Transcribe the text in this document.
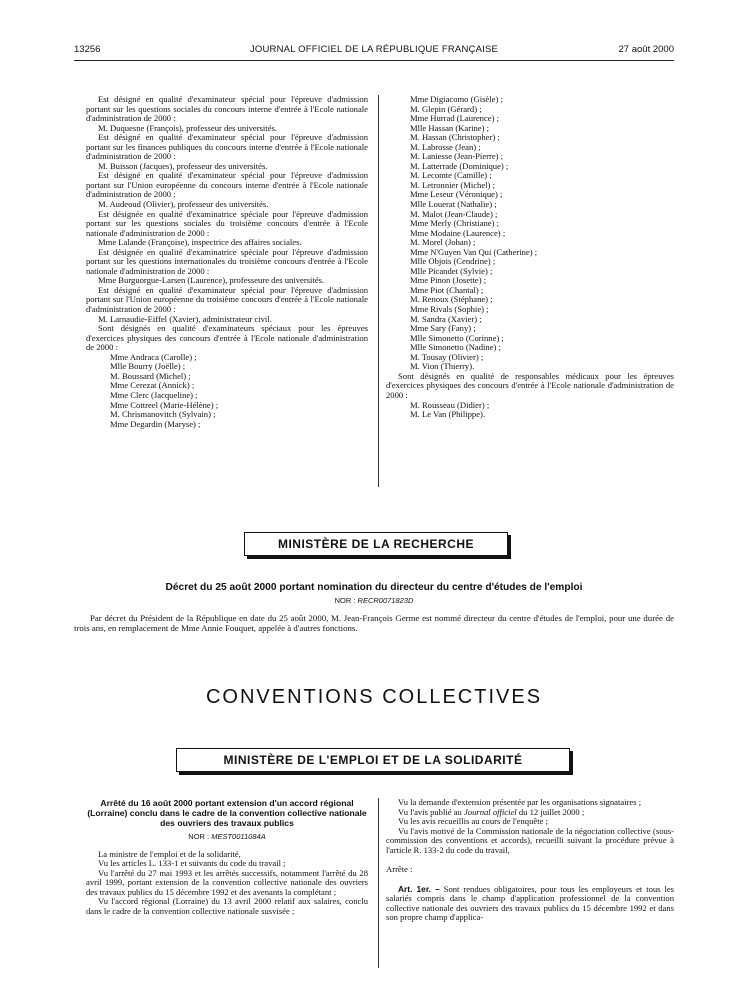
13256	JOURNAL OFFICIEL DE LA RÉPUBLIQUE FRANÇAISE	27 août 2000

Est désigné en qualité d'examinateur spécial pour l'épreuve d'admission portant sur les questions sociales du concours interne d'entrée à l'Ecole nationale d'administration de 2000 :

M. Duquesne (François), professeur des universités.

Est désigné en qualité d'examinateur spécial pour l'épreuve d'admission portant sur les finances publiques du concours interne d'entrée à l'Ecole nationale d'administration de 2000 :

M. Buisson (Jacques), professeur des universités.

Est désigné en qualité d'examinateur spécial pour l'épreuve d'admission portant sur l'Union européenne du concours interne d'entrée à l'Ecole nationale d'administration de 2000 :

M. Audeoud (Olivier), professeur des universités.

Est désignée en qualité d'examinatrice spéciale pour l'épreuve d'admission portant sur les questions sociales du troisième concours d'entrée à l'Ecole nationale d'administration de 2000 :

Mme Lalande (Françoise), inspectrice des affaires sociales.

Est désignée en qualité d'examinatrice spéciale pour l'épreuve d'admission portant sur les questions internationales du troisième concours d'entrée à l'Ecole nationale d'administration de 2000 :

Mme Burguorgue-Larsen (Laurence), professeure des universités.

Est désigné en qualité d'examinateur spécial pour l'épreuve d'admission portant sur l'Union européenne du troisième concours d'entrée à l'Ecole nationale d'administration de 2000 :

M. Larnaudie-Eiffel (Xavier), administrateur civil.

Sont désignés en qualité d'examinateurs spéciaux pour les épreuves d'exercices physiques des concours d'entrée à l'Ecole nationale d'administration de 2000 :

Mme Andraca (Carolle) ;

Mlle Bourry (Joëlle) ;

M. Boussard (Michel) ;

Mme Cerezat (Annick) ;

Mme Clerc (Jacqueline) ;

Mme Cottreel (Marie-Hélène) ;

M. Chrismanovitch (Sylvain) ;

Mme Degardin (Maryse) ;

Mme Digiacomo (Gisèle) ;

M. Glepin (Gérard) ;

Mme Hurrad (Laurence) ;

Mlle Hassan (Karine) ;

M. Hassan (Christopher) ;

M. Labrosse (Jean) ;

M. Laniesse (Jean-Pierre) ;

M. Latterrade (Dominique) ;

M. Lecomte (Camille) ;

M. Letronnier (Michel) ;

Mme Leseur (Véronique) ;

Mlle Louerat (Nathalie) ;

M. Malot (Jean-Claude) ;

Mme Merly (Christiane) ;

Mme Modaine (Laurence) ;

M. Morel (Johan) ;

Mme N'Guyen Van Qui (Catherine) ;

Mlle Objois (Cendrine) ;

Mlle Picandet (Sylvie) ;

Mme Pinon (Josette) ;

Mme Piot (Chantal) ;

M. Renoux (Stéphane) ;

Mme Rivals (Sophie) ;

M. Sandra (Xavier) ;

Mme Sary (Fany) ;

Mlle Simonetto (Corinne) ;

Mlle Simonetto (Nadine) ;

M. Tousay (Olivier) ;

M. Vion (Thierry).

Sont désignés en qualité de responsables médicaux pour les épreuves d'exercices physiques des concours d'entrée à l'Ecole nationale d'administration de 2000 :

M. Rousseau (Didier) ;

M. Le Van (Philippe).

MINISTÈRE DE LA RECHERCHE
Décret du 25 août 2000 portant nomination du directeur du centre d'études de l'emploi
NOR : RECR0071823D
Par décret du Président de la République en date du 25 août 2000, M. Jean-François Germe est nommé directeur du centre d'études de l'emploi, pour une durée de trois ans, en remplacement de Mme Annie Fouquet, appelée à d'autres fonctions.
CONVENTIONS COLLECTIVES
MINISTÈRE DE L'EMPLOI ET DE LA SOLIDARITÉ
Arrêté du 16 août 2000 portant extension d'un accord régional (Lorraine) conclu dans le cadre de la convention collective nationale des ouvriers des travaux publics
NOR : MEST0011084A

La ministre de l'emploi et de la solidarité,

Vu les articles L. 133-1 et suivants du code du travail ;

Vu l'arrêté du 27 mai 1993 et les arrêtés successifs, notamment l'arrêté du 28 avril 1999, portant extension de la convention collective nationale des ouvriers des travaux publics du 15 décembre 1992 et des avenants la complétant ;

Vu l'accord régional (Lorraine) du 13 avril 2000 relatif aux salaires, conclu dans le cadre de la convention collective nationale susvisée ;

Vu la demande d'extension présentée par les organisations signataires ;

Vu l'avis publié au Journal officiel du 12 juillet 2000 ;

Vu les avis recueillis au cours de l'enquête ;

Vu l'avis motivé de la Commission nationale de la négociation collective (sous-commission des conventions et accords), recueilli suivant la procédure prévue à l'article R. 133-2 du code du travail,

Arrête :

Art. 1er. – Sont rendues obligatoires, pour tous les employeurs et tous les salariés compris dans le champ d'application professionnel de la convention collective nationale des ouvriers des travaux publics du 15 décembre 1992 et dans son propre champ d'applica-
